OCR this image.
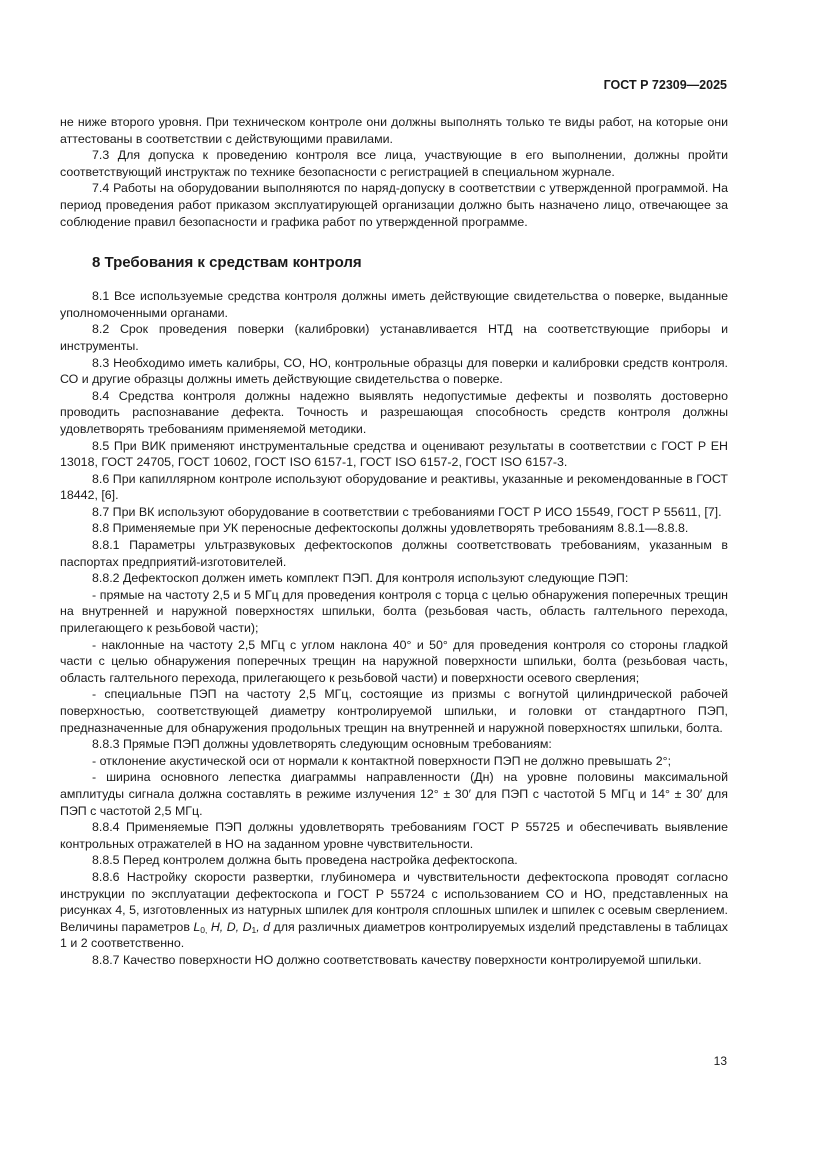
ГОСТ Р 72309—2025

не ниже второго уровня. При техническом контроле они должны выполнять только те виды работ, на которые они аттестованы в соответствии с действующими правилами.

7.3 Для допуска к проведению контроля все лица, участвующие в его выполнении, должны пройти соответствующий инструктаж по технике безопасности с регистрацией в специальном журнале.

7.4 Работы на оборудовании выполняются по наряд-допуску в соответствии с утвержденной программой. На период проведения работ приказом эксплуатирующей организации должно быть назначено лицо, отвечающее за соблюдение правил безопасности и графика работ по утвержденной программе.

8 Требования к средствам контроля

8.1 Все используемые средства контроля должны иметь действующие свидетельства о поверке, выданные уполномоченными органами.

8.2 Срок проведения поверки (калибровки) устанавливается НТД на соответствующие приборы и инструменты.

8.3 Необходимо иметь калибры, СО, НО, контрольные образцы для поверки и калибровки средств контроля. СО и другие образцы должны иметь действующие свидетельства о поверке.

8.4 Средства контроля должны надежно выявлять недопустимые дефекты и позволять достоверно проводить распознавание дефекта. Точность и разрешающая способность средств контроля должны удовлетворять требованиям применяемой методики.

8.5 При ВИК применяют инструментальные средства и оценивают результаты в соответствии с ГОСТ Р ЕН 13018, ГОСТ 24705, ГОСТ 10602, ГОСТ ISO 6157-1, ГОСТ ISO 6157-2, ГОСТ ISO 6157-3.

8.6 При капиллярном контроле используют оборудование и реактивы, указанные и рекомендованные в ГОСТ 18442, [6].

8.7 При ВК используют оборудование в соответствии с требованиями ГОСТ Р ИСО 15549, ГОСТ Р 55611, [7].

8.8 Применяемые при УК переносные дефектоскопы должны удовлетворять требованиям 8.8.1—8.8.8.

8.8.1 Параметры ультразвуковых дефектоскопов должны соответствовать требованиям, указанным в паспортах предприятий-изготовителей.

8.8.2 Дефектоскоп должен иметь комплект ПЭП. Для контроля используют следующие ПЭП:

- прямые на частоту 2,5 и 5 МГц для проведения контроля с торца с целью обнаружения поперечных трещин на внутренней и наружной поверхностях шпильки, болта (резьбовая часть, область галтельного перехода, прилегающего к резьбовой части);

- наклонные на частоту 2,5 МГц с углом наклона 40° и 50° для проведения контроля со стороны гладкой части с целью обнаружения поперечных трещин на наружной поверхности шпильки, болта (резьбовая часть, область галтельного перехода, прилегающего к резьбовой части) и поверхности осевого сверления;

- специальные ПЭП на частоту 2,5 МГц, состоящие из призмы с вогнутой цилиндрической рабочей поверхностью, соответствующей диаметру контролируемой шпильки, и головки от стандартного ПЭП, предназначенные для обнаружения продольных трещин на внутренней и наружной поверхностях шпильки, болта.

8.8.3 Прямые ПЭП должны удовлетворять следующим основным требованиям:

- отклонение акустической оси от нормали к контактной поверхности ПЭП не должно превышать 2°;

- ширина основного лепестка диаграммы направленности (Дн) на уровне половины максимальной амплитуды сигнала должна составлять в режиме излучения 12° ± 30′ для ПЭП с частотой 5 МГц и 14° ± 30′ для ПЭП с частотой 2,5 МГц.

8.8.4 Применяемые ПЭП должны удовлетворять требованиям ГОСТ Р 55725 и обеспечивать выявление контрольных отражателей в НО на заданном уровне чувствительности.

8.8.5 Перед контролем должна быть проведена настройка дефектоскопа.

8.8.6 Настройку скорости развертки, глубиномера и чувствительности дефектоскопа проводят согласно инструкции по эксплуатации дефектоскопа и ГОСТ Р 55724 с использованием СО и НО, представленных на рисунках 4, 5, изготовленных из натурных шпилек для контроля сплошных шпилек и шпилек с осевым сверлением. Величины параметров $L_{0,}$ H, D, $D_1$, d для различных диаметров контролируемых изделий представлены в таблицах 1 и 2 соответственно.

8.8.7 Качество поверхности НО должно соответствовать качеству поверхности контролируемой шпильки.

13
